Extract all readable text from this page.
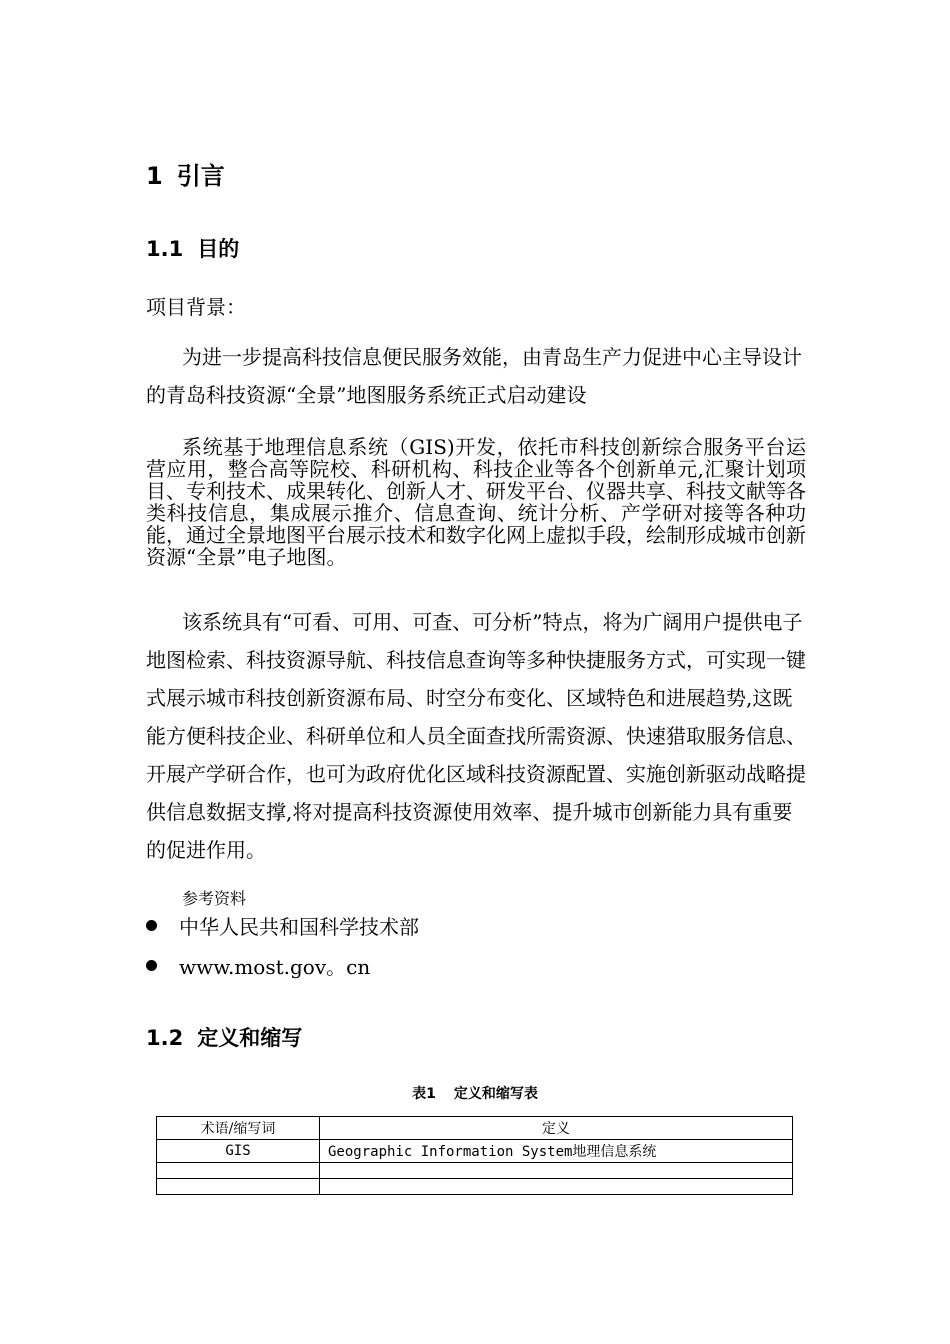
1 引言
1.1 目的
项目背景：
为进一步提高科技信息便民服务效能，由青岛生产力促进中心主导设计的青岛科技资源“全景”地图服务系统正式启动建设
系统基于地理信息系统（GIS)开发，依托市科技创新综合服务平台运营应用，整合高等院校、科研机构、科技企业等各个创新单元,汇聚计划项目、专利技术、成果转化、创新人才、研发平台、仪器共享、科技文献等各类科技信息，集成展示推介、信息查询、统计分析、产学研对接等各种功能，通过全景地图平台展示技术和数字化网上虚拟手段，绘制形成城市创新资源“全景”电子地图。
该系统具有“可看、可用、可查、可分析”特点，将为广阔用户提供电子地图检索、科技资源导航、科技信息查询等多种快捷服务方式，可实现一键式展示城市科技创新资源布局、时空分布变化、区域特色和进展趋势,这既能方便科技企业、科研单位和人员全面查找所需资源、快速猎取服务信息、开展产学研合作，也可为政府优化区域科技资源配置、实施创新驱动战略提供信息数据支撑,将对提高科技资源使用效率、提升城市创新能力具有重要的促进作用。
参考资料
中华人民共和国科学技术部
www.most.gov。cn
1.2 定义和缩写
表1 定义和缩写表
术语/缩写词	定义
GIS	Geographic Information System地理信息系统
